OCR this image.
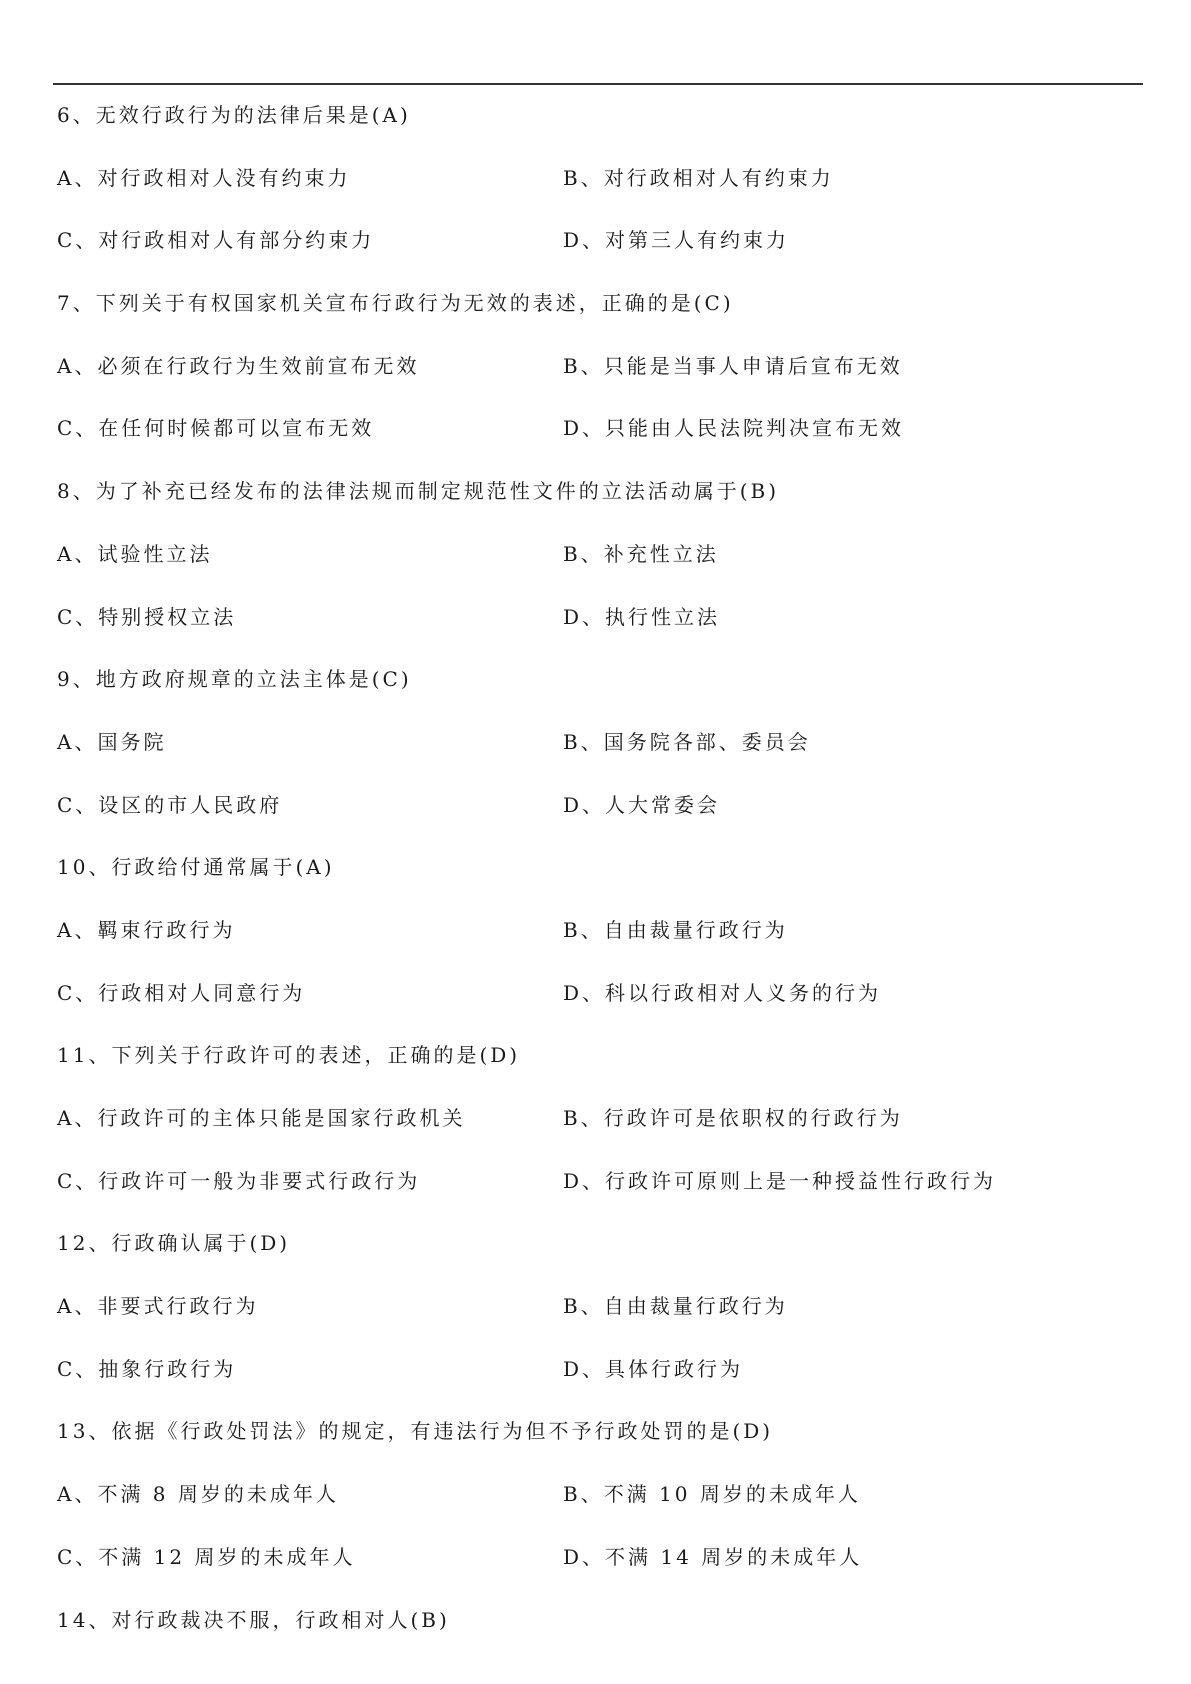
6、无效行政行为的法律后果是(A)
A、对行政相对人没有约束力	B、对行政相对人有约束力
C、对行政相对人有部分约束力	D、对第三人有约束力
7、下列关于有权国家机关宣布行政行为无效的表述，正确的是(C)
A、必须在行政行为生效前宣布无效	B、只能是当事人申请后宣布无效
C、在任何时候都可以宣布无效	D、只能由人民法院判决宣布无效
8、为了补充已经发布的法律法规而制定规范性文件的立法活动属于(B)
A、试验性立法	B、补充性立法
C、特别授权立法	D、执行性立法
9、地方政府规章的立法主体是(C)
A、国务院	B、国务院各部、委员会
C、设区的市人民政府	D、人大常委会
10、行政给付通常属于(A)
A、羁束行政行为	B、自由裁量行政行为
C、行政相对人同意行为	D、科以行政相对人义务的行为
11、下列关于行政许可的表述，正确的是(D)
A、行政许可的主体只能是国家行政机关	B、行政许可是依职权的行政行为
C、行政许可一般为非要式行政行为	D、行政许可原则上是一种授益性行政行为
12、行政确认属于(D)
A、非要式行政行为	B、自由裁量行政行为
C、抽象行政行为	D、具体行政行为
13、依据《行政处罚法》的规定，有违法行为但不予行政处罚的是(D)
A、不满 8 周岁的未成年人	B、不满 10 周岁的未成年人
C、不满 12 周岁的未成年人	D、不满 14 周岁的未成年人
14、对行政裁决不服，行政相对人(B)
